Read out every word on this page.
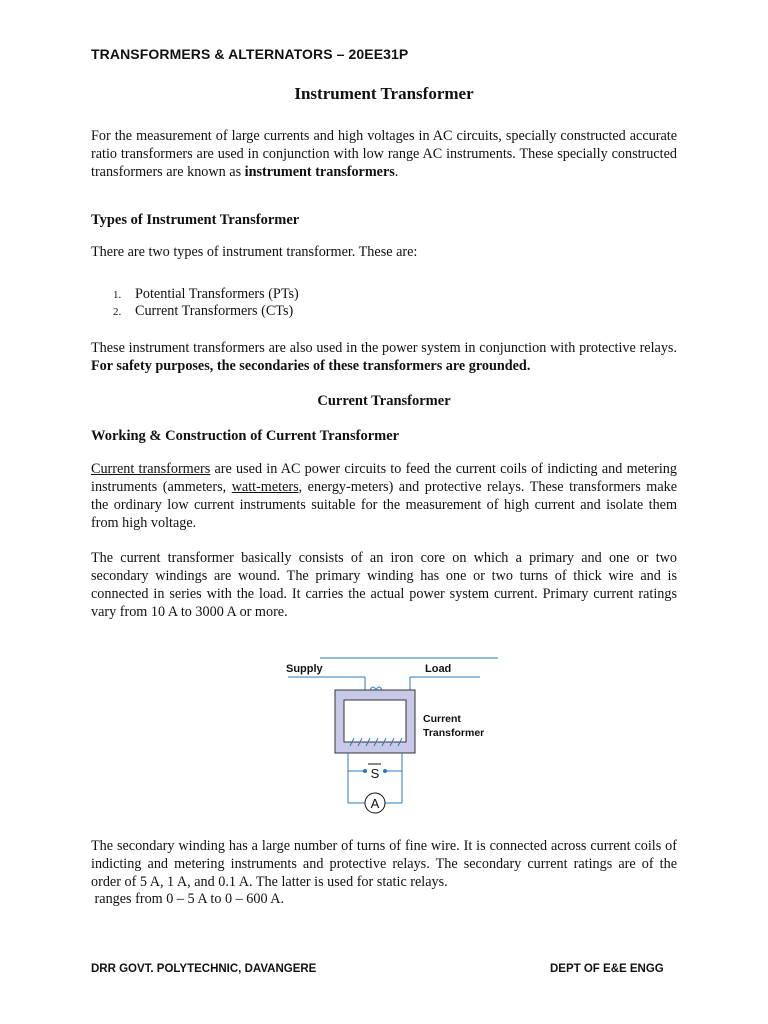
TRANSFORMERS & ALTERNATORS – 20EE31P
Instrument Transformer

For the measurement of large currents and high voltages in AC circuits, specially constructed accurate ratio transformers are used in conjunction with low range AC instruments. These specially constructed transformers are known as instrument transformers.

Types of Instrument Transformer

There are two types of instrument transformer. These are:

1. Potential Transformers (PTs)
2. Current Transformers (CTs)

These instrument transformers are also used in the power system in conjunction with protective relays. For safety purposes, the secondaries of these transformers are grounded.

Current Transformer

Working & Construction of Current Transformer

Current transformers are used in AC power circuits to feed the current coils of indicting and metering instruments (ammeters, watt-meters, energy-meters) and protective relays. These transformers make the ordinary low current instruments suitable for the measurement of high current and isolate them from high voltage.

The current transformer basically consists of an iron core on which a primary and one or two secondary windings are wound. The primary winding has one or two turns of thick wire and is connected in series with the load. It carries the actual power system current. Primary current ratings vary from 10 A to 3000 A or more.

Supply	Load
Current
Transformer
S
A

The secondary winding has a large number of turns of fine wire. It is connected across current coils of indicting and metering instruments and protective relays. The secondary current ratings are of the order of 5 A, 1 A, and 0.1 A. The latter is used for static relays.

ranges from 0 – 5 A to 0 – 600 A.

DRR GOVT. POLYTECHNIC, DAVANGERE	DEPT OF E&E ENGG
